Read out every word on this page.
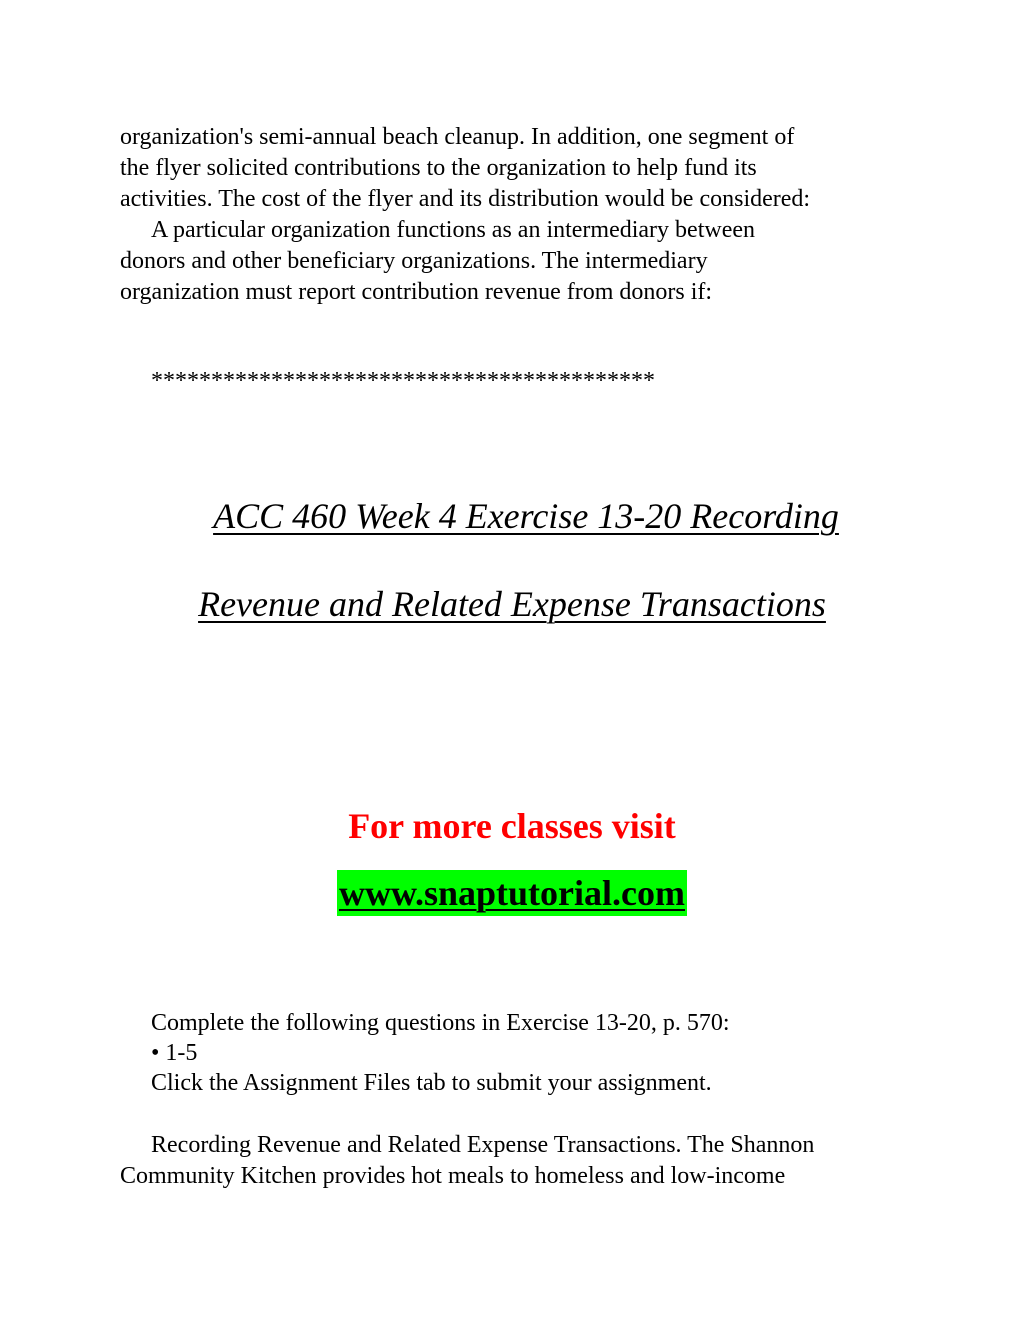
organization's semi-annual beach cleanup. In addition, one segment of
the flyer solicited contributions to the organization to help fund its
activities. The cost of the flyer and its distribution would be considered:
A particular organization functions as an intermediary between
donors and other beneficiary organizations. The intermediary
organization must report contribution revenue from donors if:
******************************************
ACC 460 Week 4 Exercise 13-20 Recording
Revenue and Related Expense Transactions
For more classes visit
www.snaptutorial.com
Complete the following questions in Exercise 13-20, p. 570:
• 1-5
Click the Assignment Files tab to submit your assignment.
Recording Revenue and Related Expense Transactions. The Shannon
Community Kitchen provides hot meals to homeless and low-income
